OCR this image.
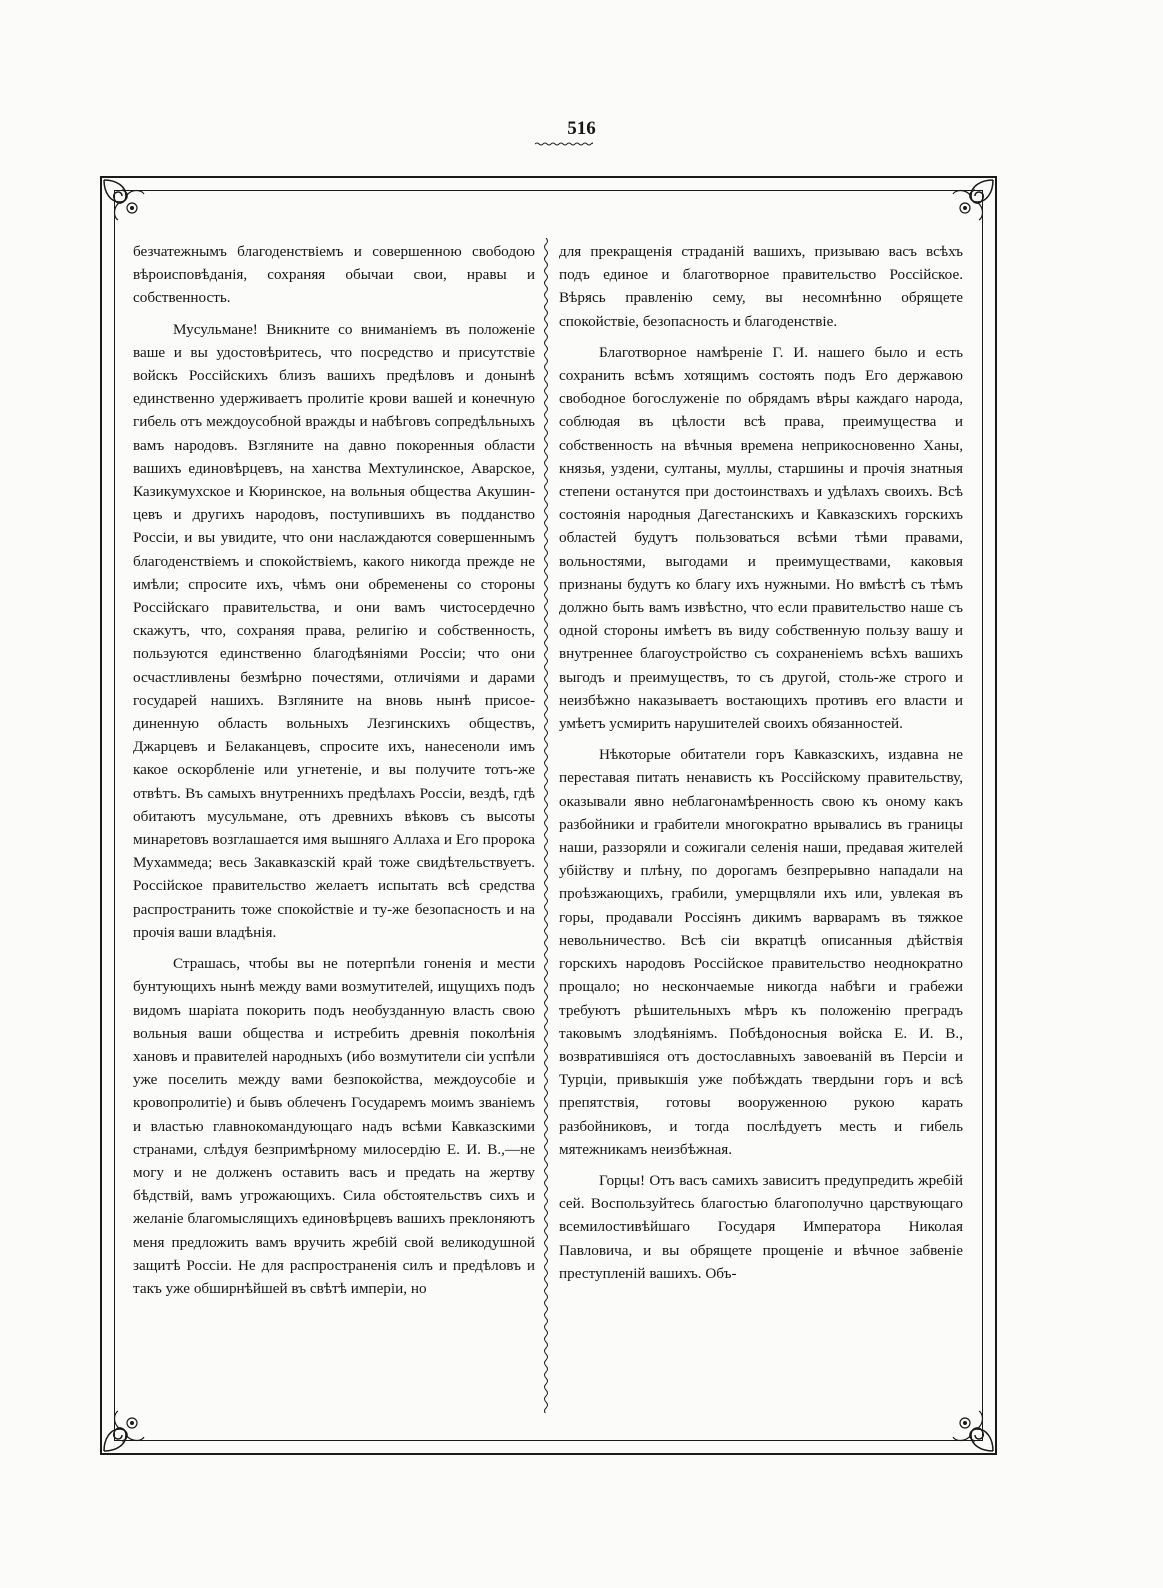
516

безчатежнымъ благоденствіемъ и совершенною свободою вѣроисповѣданія, сохраняя обычаи свои, нравы и собственность.

Мусульмане! Вникните со вниманіемъ въ положеніе ваше и вы удостовѣритесь, что посредство и присутствіе войскъ Россійскихъ близъ вашихъ предѣловъ и донынѣ единственно удерживаетъ пролитіе крови вашей и конечную гибель отъ междоусобной вражды и набѣговъ сопредѣльныхъ вамъ народовъ. Взгляните на давно покоренныя области вашихъ единовѣрцевъ, на ханства Мехтулинское, Аварское, Казикумухское и Кюринское, на вольныя общества Акушинцевъ и другихъ народовъ, поступившихъ въ подданство Россіи, и вы увидите, что они наслаждаются совершеннымъ благоденствіемъ и спокойствіемъ, какого никогда прежде не имѣли; спросите ихъ, чѣмъ они обременены со стороны Россійскаго правительства, и они вамъ чистосердечно скажутъ, что, сохраняя права, религію и собственность, пользуются единственно благодѣяніями Россіи; что они осчастливлены безмѣрно почестями, отличіями и дарами государей нашихъ. Взгляните на вновь нынѣ присоединенную область вольныхъ Лезгинскихъ обществъ, Джарцевъ и Белаканцевъ, спросите ихъ, нанесеноли имъ какое оскорбленіе или угнетеніе, и вы получите тотъ-же отвѣтъ. Въ самыхъ внутреннихъ предѣлахъ Россіи, вездѣ, гдѣ обитаютъ мусульмане, отъ древнихъ вѣковъ съ высоты минаретовъ возглашается имя вышняго Аллаха и Его пророка Мухаммеда; весь Закавказскій край тоже свидѣтельствуетъ. Россійское правительство желаетъ испытать всѣ средства распространить тоже спокойствіе и ту-же безопасность и на прочія ваши владѣнія.

Страшась, чтобы вы не потерпѣли гоненія и мести бунтующихъ нынѣ между вами возмутителей, ищущихъ подъ видомъ шаріата покорить подъ необузданную власть свою вольныя ваши общества и истребить древнія поколѣнія хановъ и правителей народныхъ (ибо возмутители сіи успѣли уже поселить между вами безпокойства, междоусобіе и кровопролитіе) и бывъ облеченъ Государемъ моимъ званіемъ и властью главнокомандующаго надъ всѣми Кавказскими странами, слѣдуя безпримѣрному милосердію Е. И. В.,—не могу и не долженъ оставить васъ и предать на жертву бѣдствій, вамъ угрожающихъ. Сила обстоятельствъ сихъ и желаніе благомыслящихъ единовѣрцевъ вашихъ преклоняютъ меня предложить вамъ вручить жребій свой великодушной защитѣ Россіи. Не для распространенія силъ и предѣловъ и такъ уже обширнѣйшей въ свѣтѣ имперіи, но

для прекращенія страданій вашихъ, призываю васъ всѣхъ подъ единое и благотворное правительство Россійское. Вѣрясь правленію сему, вы несомнѣнно обрящете спокойствіе, безопасность и благоденствіе.

Благотворное намѣреніе Г. И. нашего было и есть сохранить всѣмъ хотящимъ состоять подъ Его державою свободное богослуженіе по обрядамъ вѣры каждаго народа, соблюдая въ цѣлости всѣ права, преимущества и собственность на вѣчныя времена неприкосновенно Ханы, князья, уздени, султаны, муллы, старшины и прочія знатныя степени останутся при достоинствахъ и удѣлахъ своихъ. Всѣ состоянія народныя Дагестанскихъ и Кавказскихъ горскихъ областей будутъ пользоваться всѣми тѣми правами, вольностями, выгодами и преимуществами, каковыя признаны будутъ ко благу ихъ нужными. Но вмѣстѣ съ тѣмъ должно быть вамъ извѣстно, что если правительство наше съ одной стороны имѣетъ въ виду собственную пользу вашу и внутреннее благоустройство съ сохраненіемъ всѣхъ вашихъ выгодъ и преимуществъ, то съ другой, столь-же строго и неизбѣжно наказываетъ востающихъ противъ его власти и умѣетъ усмирить нарушителей своихъ обязанностей.

Нѣкоторые обитатели горъ Кавказскихъ, издавна не переставая питать ненависть къ Россійскому правительству, оказывали явно неблагонамѣренность свою къ оному какъ разбойники и грабители многократно врывались въ границы наши, раззоряли и сожигали селенія наши, предавая жителей убійству и плѣну, по дорогамъ безпрерывно нападали на проѣзжающихъ, грабили, умерщвляли ихъ или, увлекая въ горы, продавали Россіянъ дикимъ варварамъ въ тяжкое невольничество. Всѣ сіи вкратцѣ описанныя дѣйствія горскихъ народовъ Россійское правительство неоднократно прощало; но нескончаемые никогда набѣги и грабежи требуютъ рѣшительныхъ мѣръ къ положенію преградъ таковымъ злодѣяніямъ. Побѣдоносныя войска Е. И. В., возвратившіяся отъ достославныхъ завоеваній въ Персіи и Турціи, привыкшія уже побѣждать твердыни горъ и всѣ препятствія, готовы вооруженною рукою карать разбойниковъ, и тогда послѣдуетъ месть и гибель мятежникамъ неизбѣжная.

Горцы! Отъ васъ самихъ зависитъ предупредить жребій сей. Воспользуйтесь благостью благополучно царствующаго всемилостивѣйшаго Государя Императора Николая Павловича, и вы обрящете прощеніе и вѣчное забвеніе преступленій вашихъ. Объ-
